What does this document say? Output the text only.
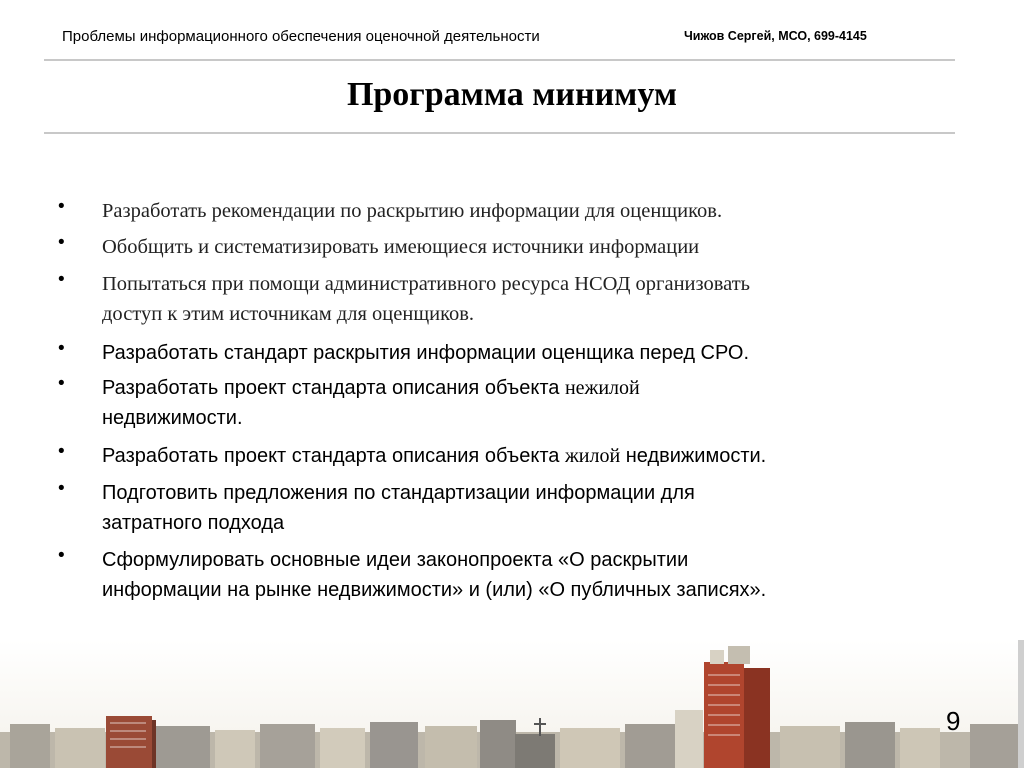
Проблемы информационного обеспечения оценочной деятельности	Чижов Сергей, МСО, 699-4145
Программа минимум
• Разработать рекомендации по раскрытию информации для оценщиков.
• Обобщить и систематизировать имеющиеся источники информации
• Попытаться при помощи административного ресурса НСОД организовать
доступ к этим источникам для оценщиков.
• Разработать стандарт раскрытия информации оценщика перед СРО.
• Разработать проект стандарта описания объекта нежилой
недвижимости.
• Разработать проект стандарта описания объекта жилой недвижимости.
• Подготовить предложения по стандартизации информации для
затратного подхода
• Сформулировать основные идеи законопроекта «О раскрытии
информации на рынке недвижимости» и (или) «О публичных записях».
9
